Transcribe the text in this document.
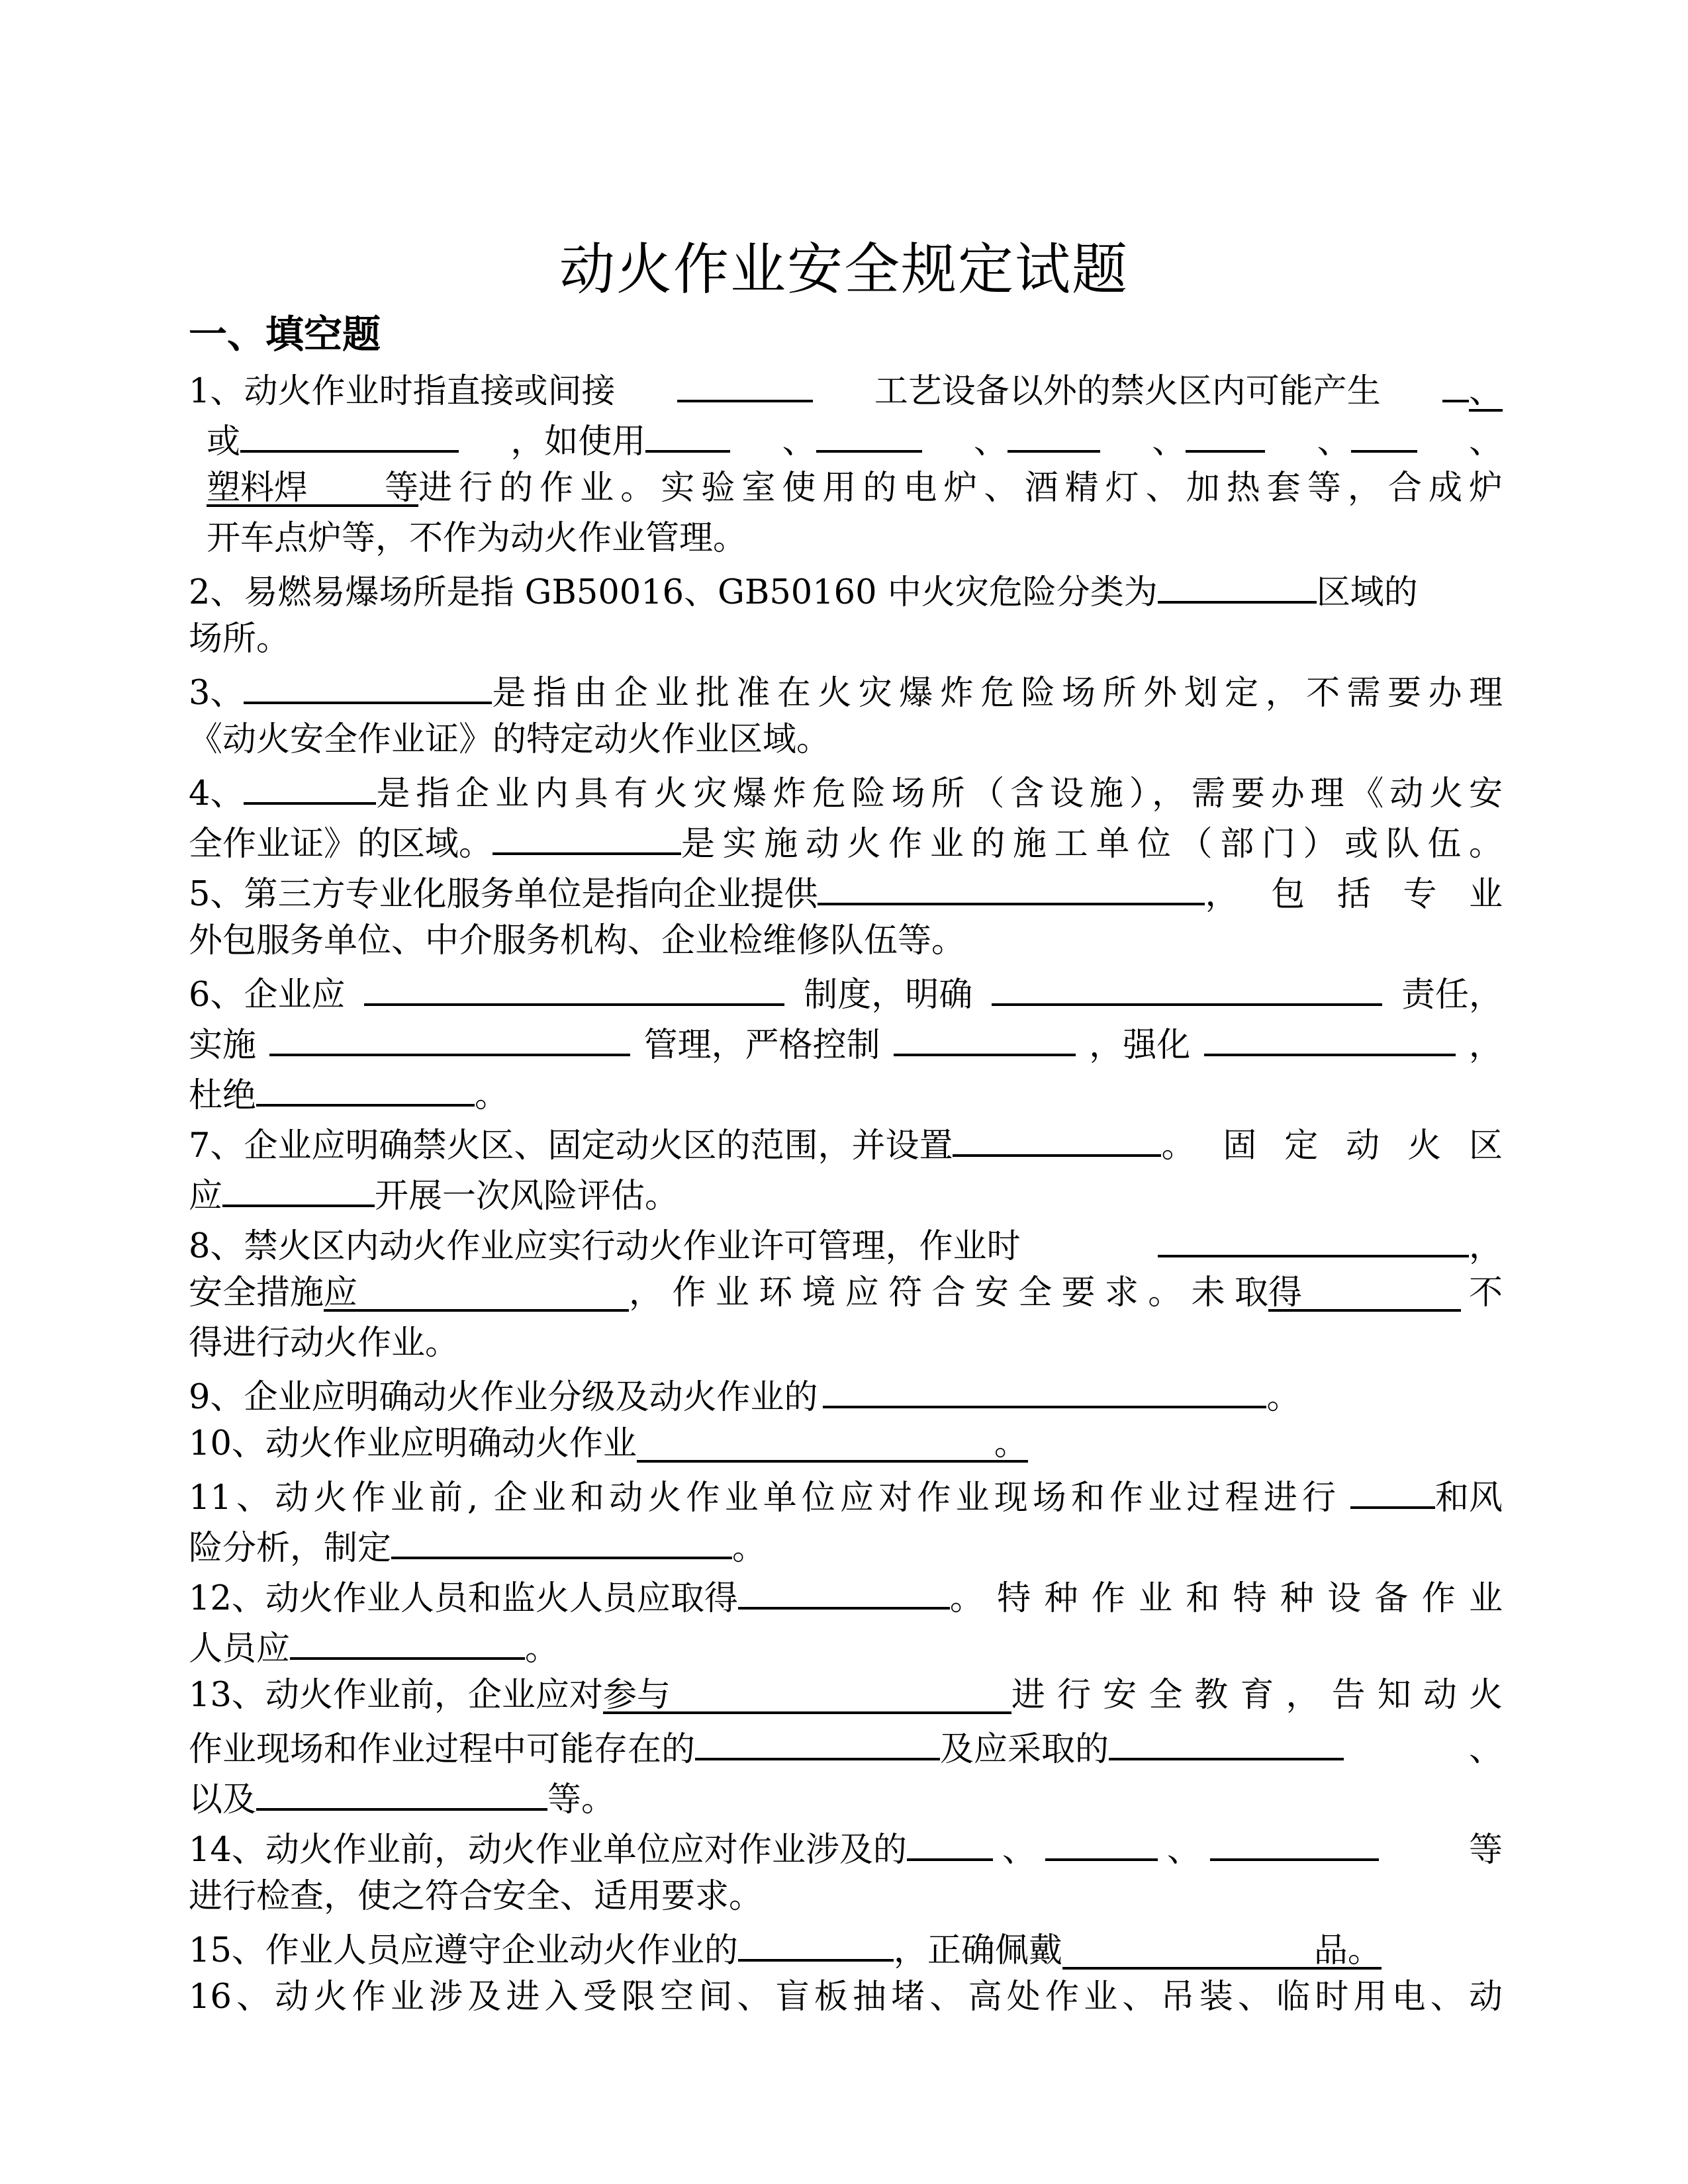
动火作业安全规定试题
一、填空题
1、动火作业时指直接或间接	工艺设备以外的禁火区内可能产生	、
或	，如使用	、	、	、	、	、
塑料焊 等 进行的作业。实验室使用的电炉、酒精灯、加热套等，合成炉
开车点炉等，不作为动火作业管理。
2、易燃易爆场所是指 GB50016、GB50160 中火灾危险分类为	区域的
场所。
3、	是指由企业批准在火灾爆炸危险场所外划定，不需要办理
《动火安全作业证》的特定动火作业区域。
4、	是指企业内具有火灾爆炸危险场所（含设施），需要办理《动火安
全作业证》的区域。	是实施动火作业的施工单位（部门）或队伍。
5、第三方专业化服务单位是指向企业提供	，包括专业
外包服务单位、中介服务机构、企业检维修队伍等。
6、企业应	制度，明确	责任，
实施	管理，严格控制	，强化	，
杜绝	。
7、企业应明确禁火区、固定动火区的范围，并设置	。固定动火区
应	开展一次风险评估。
8、禁火区内动火作业应实行动火作业许可管理，作业时	，
安全措施 应	，作业环境应符合安全要求。未取 得	不
得进行动火作业。
9、企业应明确动火作业分级及动火作业的	。
10、动火作业应明确动火作业	。
11、动火作业前, 企业和动火作业单位应对作业现场和作业过程进行	和风
险分析，制定	。
12、动火作业人员和监火人员应取得	。特种作业和特种设备作业
人员应	。
13、动火作业前，企业应对 参与	进行安全教育，告知动火
作业现场和作业过程中可能存在的	及应采取的	、
以及	等。
14、动火作业前，动火作业单位应对作业涉及的	、	、	等
进行检查，使之符合安全、适用要求。
15、作业人员应遵守企业动火作业的	，正确佩戴	品。
16、动火作业涉及进入受限空间、盲板抽堵、高处作业、吊装、临时用电、动
